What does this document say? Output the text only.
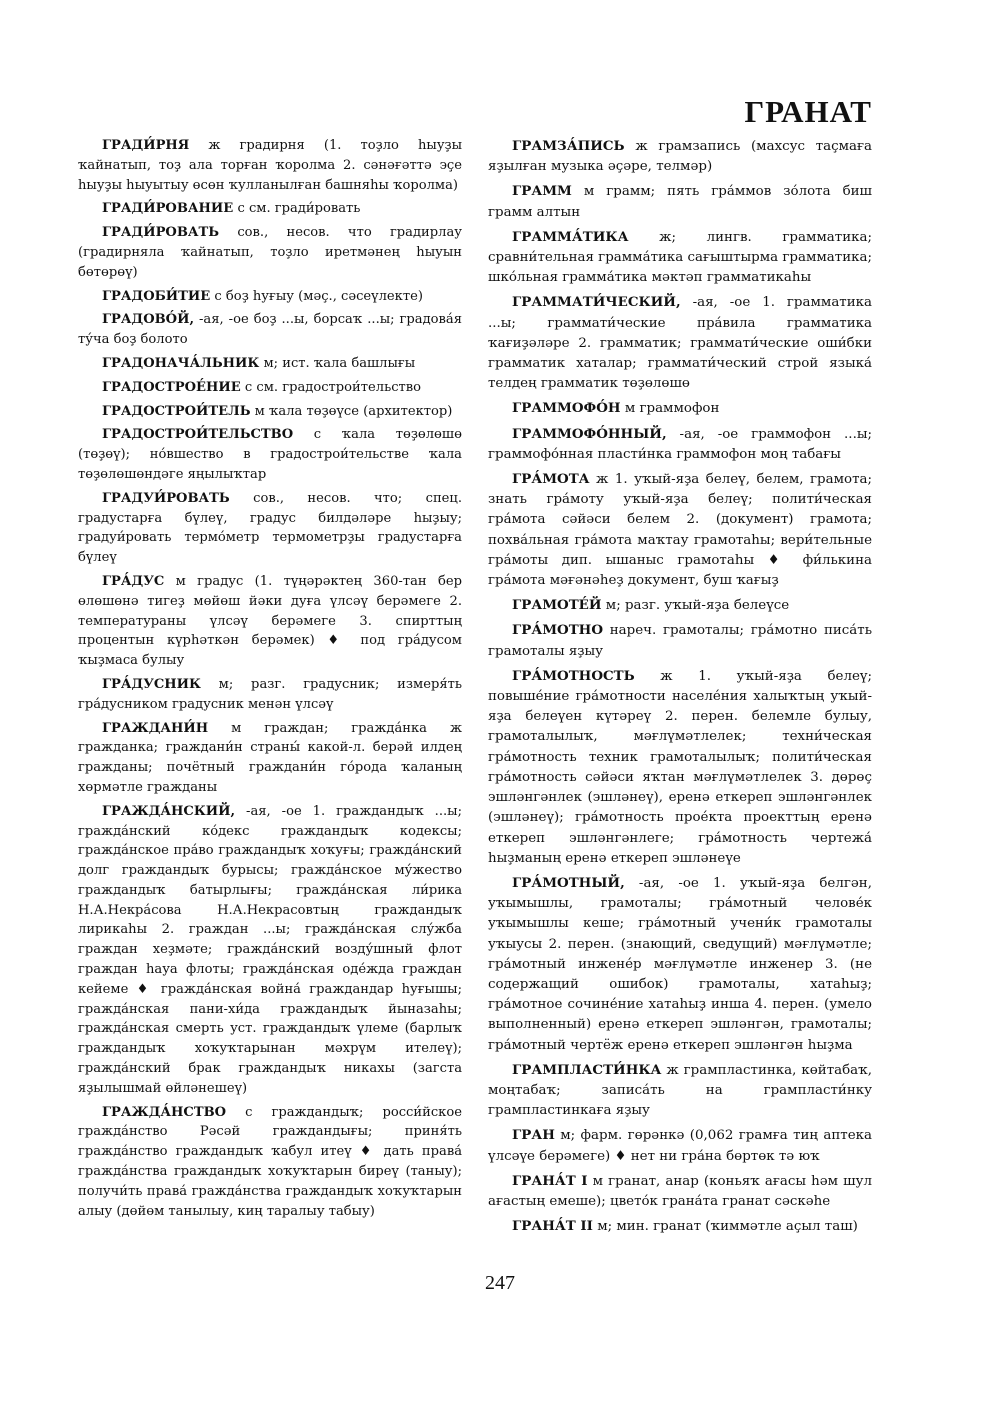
ГРАНАТ

ГРАДИ́РНЯ ж градирня (1. тоҙло һыуҙы ҡайнатып, тоҙ ала торған ҡоролма 2. сәнәғәттә эҫе һыуҙы һыуытыу өсөн ҡулланылған башняһы ҡоролма)

ГРАДИ́РОВАНИЕ с см. гради́ровать

ГРАДИ́РОВАТЬ сов., несов. что градирлау (градирняла ҡайнатып, тоҙло иретмәнең һыуын бөтөрөү)

ГРАДОБИ́ТИЕ с боҙ һуғыу (мәҫ., сәсеүлекте)

ГРАДОВО́Й, -ая, -ое боҙ ...ы, борсаҡ ...ы; градова́я ту́ча боҙ болото

ГРАДОНАЧА́ЛЬНИК м; ист. ҡала башлығы

ГРАДОСТРОЕ́НИЕ с см. градострои́тельство

ГРАДОСТРОИ́ТЕЛЬ м ҡала төҙөүсе (архитектор)

ГРАДОСТРОИ́ТЕЛЬСТВО с ҡала төҙөлөшө (төҙөү); но́вшество в градострои́тельстве ҡала төҙөлөшөндәге яңылыҡтар

ГРАДУИ́РОВАТЬ сов., несов. что; спец. градустарға бүлеү, градус билдәләре һыҙыу; градуи́ровать термо́метр термометрҙы градустарға бүлеү

ГРА́ДУС м градус (1. түңәрәктең 360-тан бер өлөшөнә тигеҙ мөйөш йәки дуға үлсәү берәмеге 2. температураны үлсәү берәмеге 3. спирттың процентын күрһәткән берәмек) ♦ под гра́дусом ҡыҙмаса булыу

ГРА́ДУСНИК м; разг. градусник; измеря́ть гра́дусником градусник менән үлсәү

ГРАЖДАНИ́Н м граждан; гражда́нка ж гражданка; граждани́н страны́ какой-л. берәй илдең гражданы; почётный граждани́н го́рода ҡаланың хөрмәтле гражданы

ГРАЖДА́НСКИЙ, -ая, -ое 1. граждандыҡ ...ы; гражда́нский ко́декс граждандыҡ кодексы; гражда́нское пра́во граждандыҡ хоҡуғы; гражда́нский долг граждандыҡ бурысы; гражда́нское му́жество граждандыҡ батырлығы; гражда́нская ли́рика Н.А.Некра́сова Н.А.Некрасовтың граждандыҡ лирикаһы 2. граждан ...ы; гражда́нская слу́жба граждан хеҙмәте; гражда́нский возду́шный флот граждан һауа флоты; гражда́нская оде́жда граждан кейеме ♦ гражда́нская война́ граждандар һуғышы; гражда́нская пани-хи́да граждандыҡ йыназаһы; гражда́нская смерть уст. граждандыҡ үлеме (барлыҡ граждандыҡ хоҡуҡтарынан мәхрүм ителеү); гражда́нский брак граждандыҡ никахы (загста яҙылышмай өйләнешеү)

ГРАЖДА́НСТВО с граждандыҡ; росси́йское гражда́нство Рәсәй граждандығы; приня́ть гражда́нство граждандыҡ ҡабул итеү ♦ дать права́ гражда́нства граждандыҡ хоҡуҡтарын биреү (таныу); получи́ть права́ гражда́нства граждандыҡ хоҡуҡтарын алыу (дөйөм танылыу, киң таралыу табыу)

ГРАМЗА́ПИСЬ ж грамзапись (махсус таҫмаға яҙылған музыка әҫәре, телмәр)

ГРАММ м грамм; пять гра́ммов зо́лота биш грамм алтын

ГРАММА́ТИКА ж; лингв. грамматика; сравни́тельная грамма́тика сағыштырма грамматика; шко́льная грамма́тика мәктәп грамматикаһы

ГРАММАТИ́ЧЕСКИЙ, -ая, -ое 1. грамматика ...ы; граммати́ческие пра́вила грамматика ҡағиҙәләре 2. грамматик; граммати́ческие оши́бки грамматик хаталар; граммати́ческий строй языка́ телдең грамматик төҙөлөшө

ГРАММОФО́Н м граммофон

ГРАММОФО́ННЫЙ, -ая, -ое граммофон ...ы; граммофо́нная пласти́нка граммофон моң табағы

ГРА́МОТА ж 1. уҡый-яҙа белеү, белем, грамота; знать гра́моту уҡый-яҙа белеү; полити́ческая гра́мота сәйәси белем 2. (документ) грамота; похва́льная гра́мота маҡтау грамотаһы; вери́тельные гра́моты дип. ышаныс грамотаһы ♦ фи́лькина гра́мота мәғәнәһеҙ документ, буш ҡағыҙ

ГРАМОТЕ́Й м; разг. уҡый-яҙа белеүсе

ГРА́МОТНО нареч. грамоталы; гра́мотно писа́ть грамоталы яҙыу

ГРА́МОТНОСТЬ ж 1. уҡый-яҙа белеү; повыше́ние гра́мотности населе́ния халыҡтың уҡый-яҙа белеүен күтәреү 2. перен. белемле булыу, грамоталылыҡ, мәғлүмәтлелек; техни́ческая гра́мотность техник грамоталылыҡ; полити́ческая гра́мотность сәйәси яҡтан мәғлүмәтлелек 3. дөрөҫ эшләнгәнлек (эшләнеү), еренә еткереп эшләнгәнлек (эшләнеү); гра́мотность прое́кта проекттың еренә еткереп эшләнгәнлеге; гра́мотность чертежа́ һыҙманың еренә еткереп эшләнеүе

ГРА́МОТНЫЙ, -ая, -ое 1. уҡый-яҙа белгән, уҡымышлы, грамоталы; гра́мотный челове́к уҡымышлы кеше; гра́мотный учени́к грамоталы уҡыусы 2. перен. (знающий, сведущий) мәғлүмәтле; гра́мотный инжене́р мәғлүмәтле инженер 3. (не содержащий ошибок) грамоталы, хатаһыҙ; гра́мотное сочине́ние хатаһыҙ инша 4. перен. (умело выполненный) еренә еткереп эшләнгән, грамоталы; гра́мотный чертёж еренә еткереп эшләнгән һыҙма

ГРАМПЛАСТИ́НКА ж грампластинка, көйтабаҡ, моңтабаҡ; записа́ть на грампласти́нку грампластинкаға яҙыу

ГРАН м; фарм. гөрәнкә (0,062 грамға тиң аптека үлсәүе берәмеге) ♦ нет ни гра́на бөртөк тә юҡ

ГРАНА́Т I м гранат, анар (коньяҡ ағасы һәм шул ағастың емеше); цвето́к грана́та гранат сәскәһе

ГРАНА́Т II м; мин. гранат (ҡиммәтле аҫыл таш)

247
